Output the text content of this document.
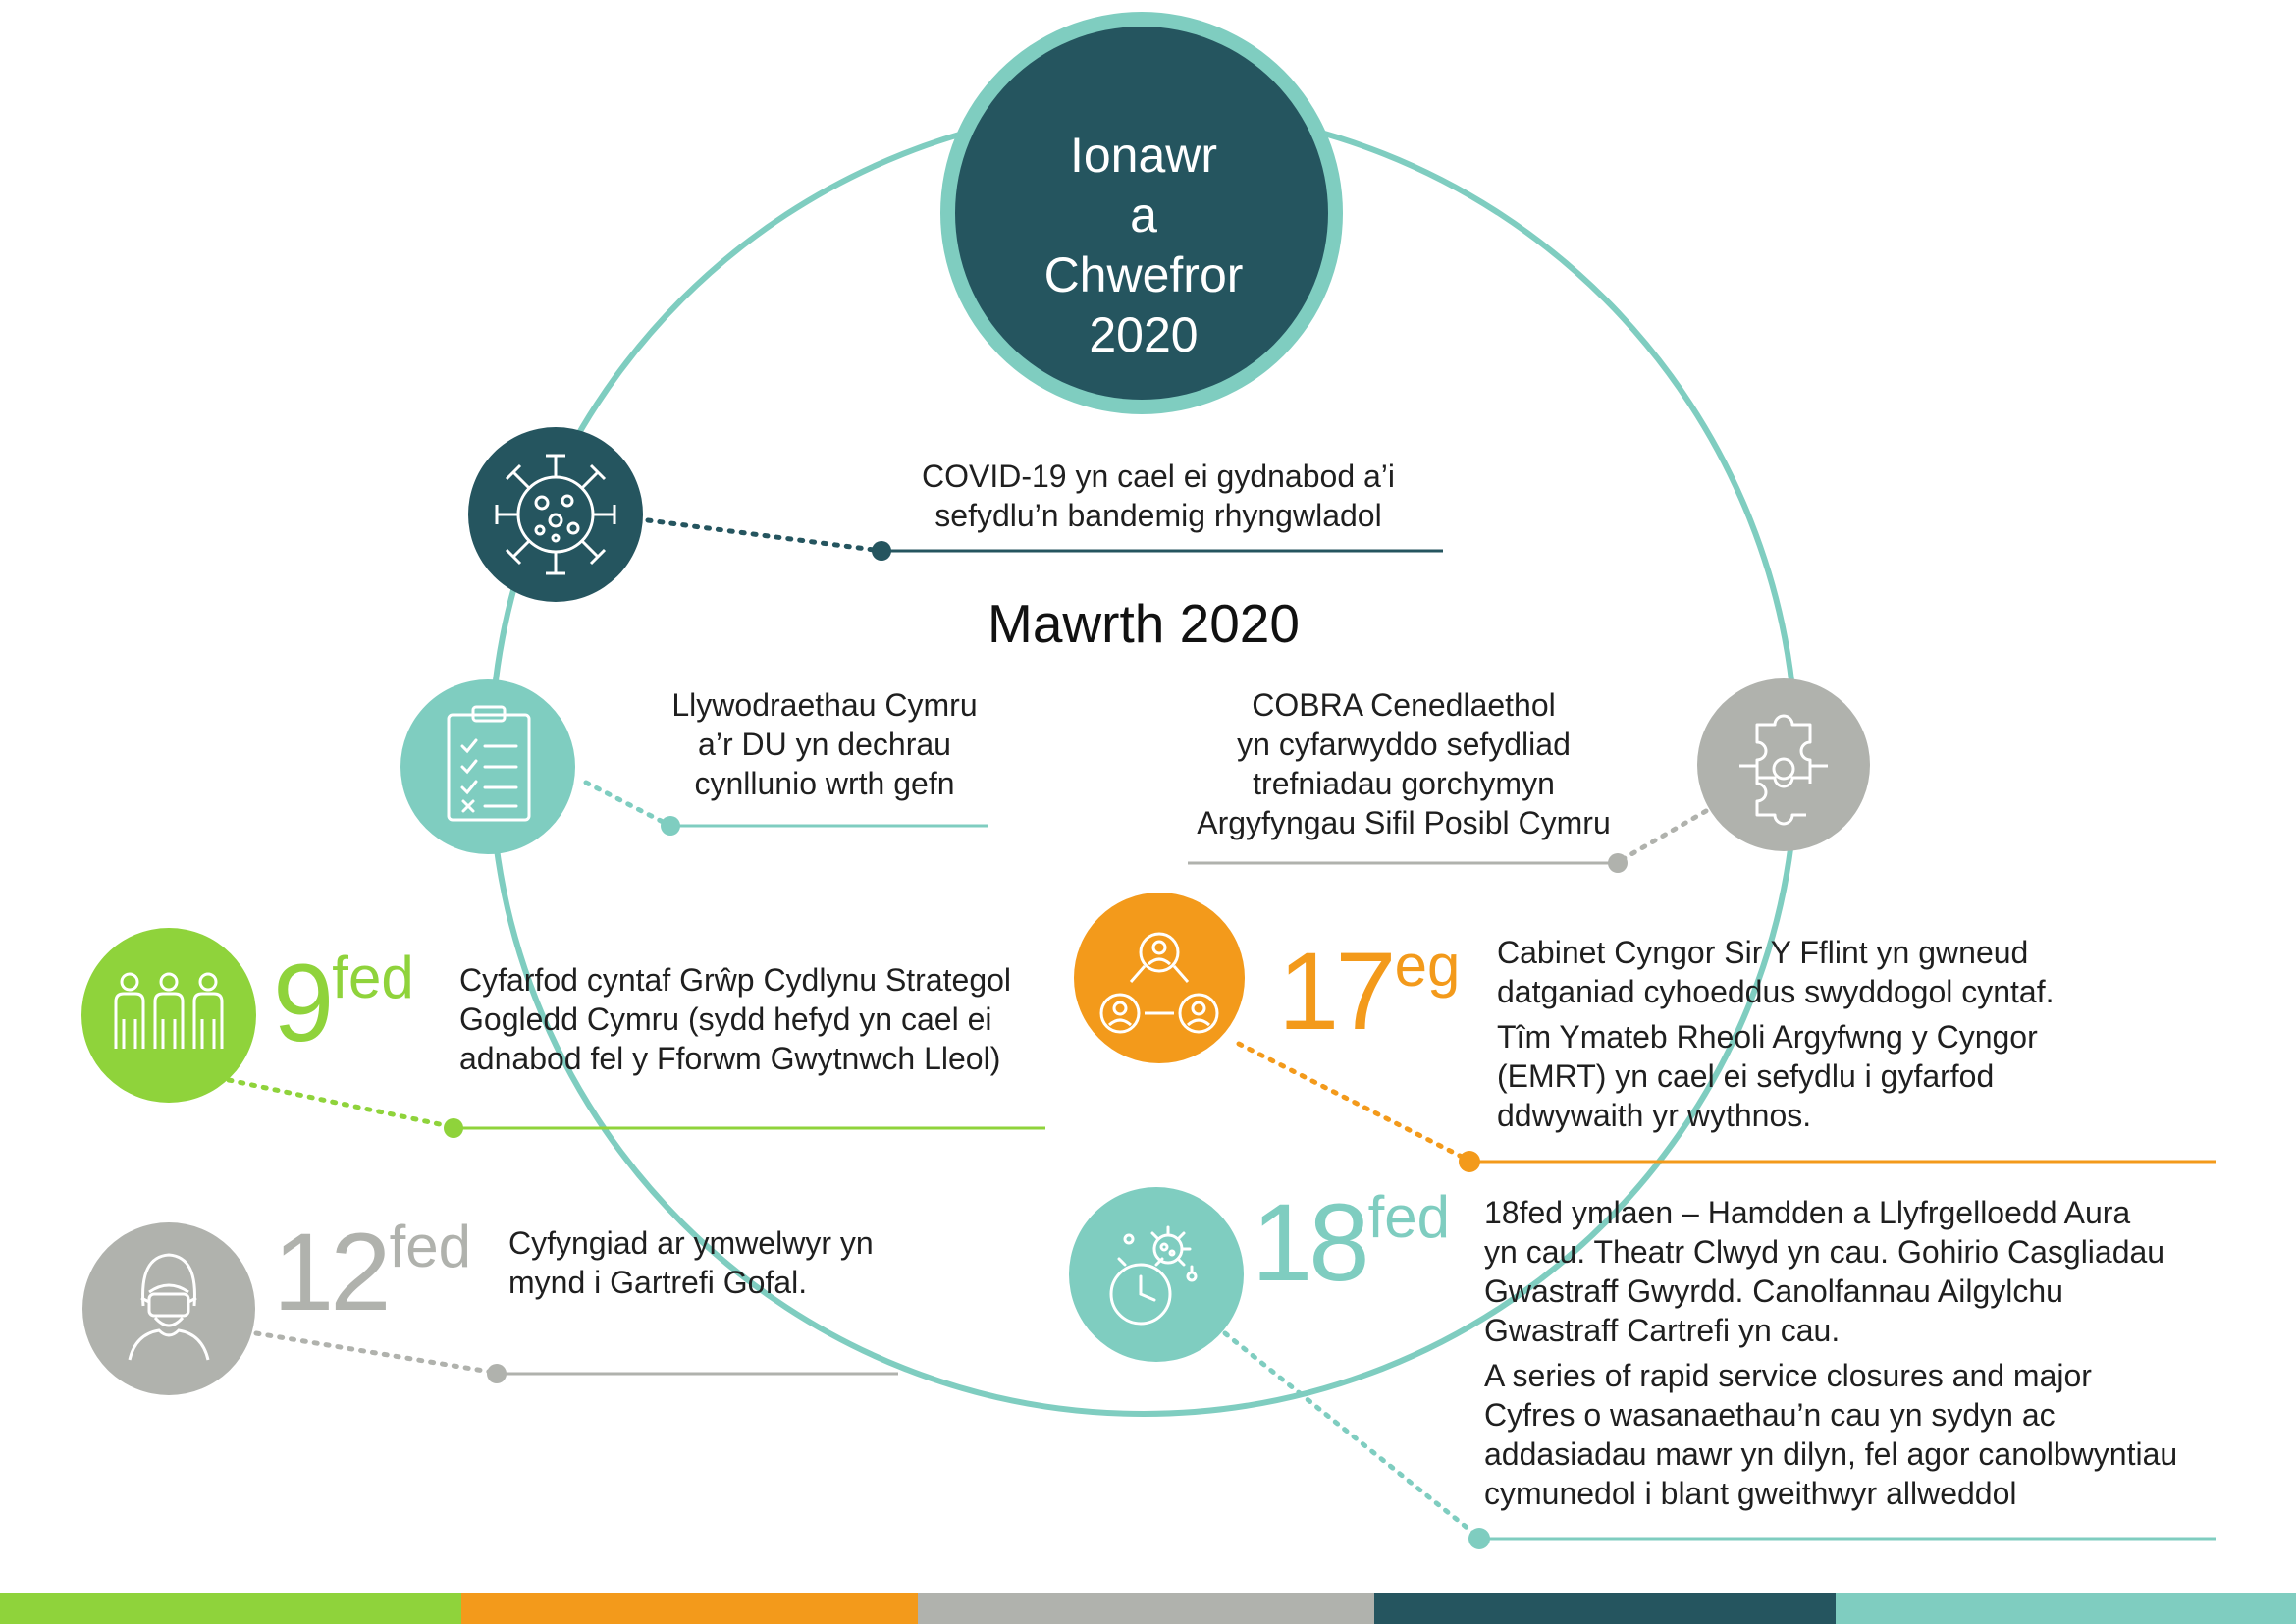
Ionawr
a
Chwefror
2020
COVID-19 yn cael ei gydnabod a’i
sefydlu’n bandemig rhyngwladol
Mawrth 2020
Llywodraethau Cymru
a’r DU yn dechrau
cynllunio wrth gefn
COBRA Cenedlaethol
yn cyfarwyddo sefydliad
trefniadau gorchymyn
Argyfyngau Sifil Posibl Cymru
$9^{fed}$ Cyfarfod cyntaf Grŵp Cydlynu Strategol
Gogledd Cymru (sydd hefyd yn cael ei
adnabod fel y Fforwm Gwytnwch Lleol)
$17^{eg}$ Cabinet Cyngor Sir Y Fflint yn gwneud
datganiad cyhoeddus swyddogol cyntaf.
Tîm Ymateb Rheoli Argyfwng y Cyngor
(EMRT) yn cael ei sefydlu i gyfarfod
ddwywaith yr wythnos.
$12^{fed}$ Cyfyngiad ar ymwelwyr yn
mynd i Gartrefi Gofal.	$18^{fed}$ 18fed ymlaen – Hamdden a Llyfrgelloedd Aura
yn cau. Theatr Clwyd yn cau. Gohirio Casgliadau
Gwastraff Gwyrdd. Canolfannau Ailgylchu
Gwastraff Cartrefi yn cau.
A series of rapid service closures and major
Cyfres o wasanaethau’n cau yn sydyn ac
addasiadau mawr yn dilyn, fel agor canolbwyntiau
cymunedol i blant gweithwyr allweddol
